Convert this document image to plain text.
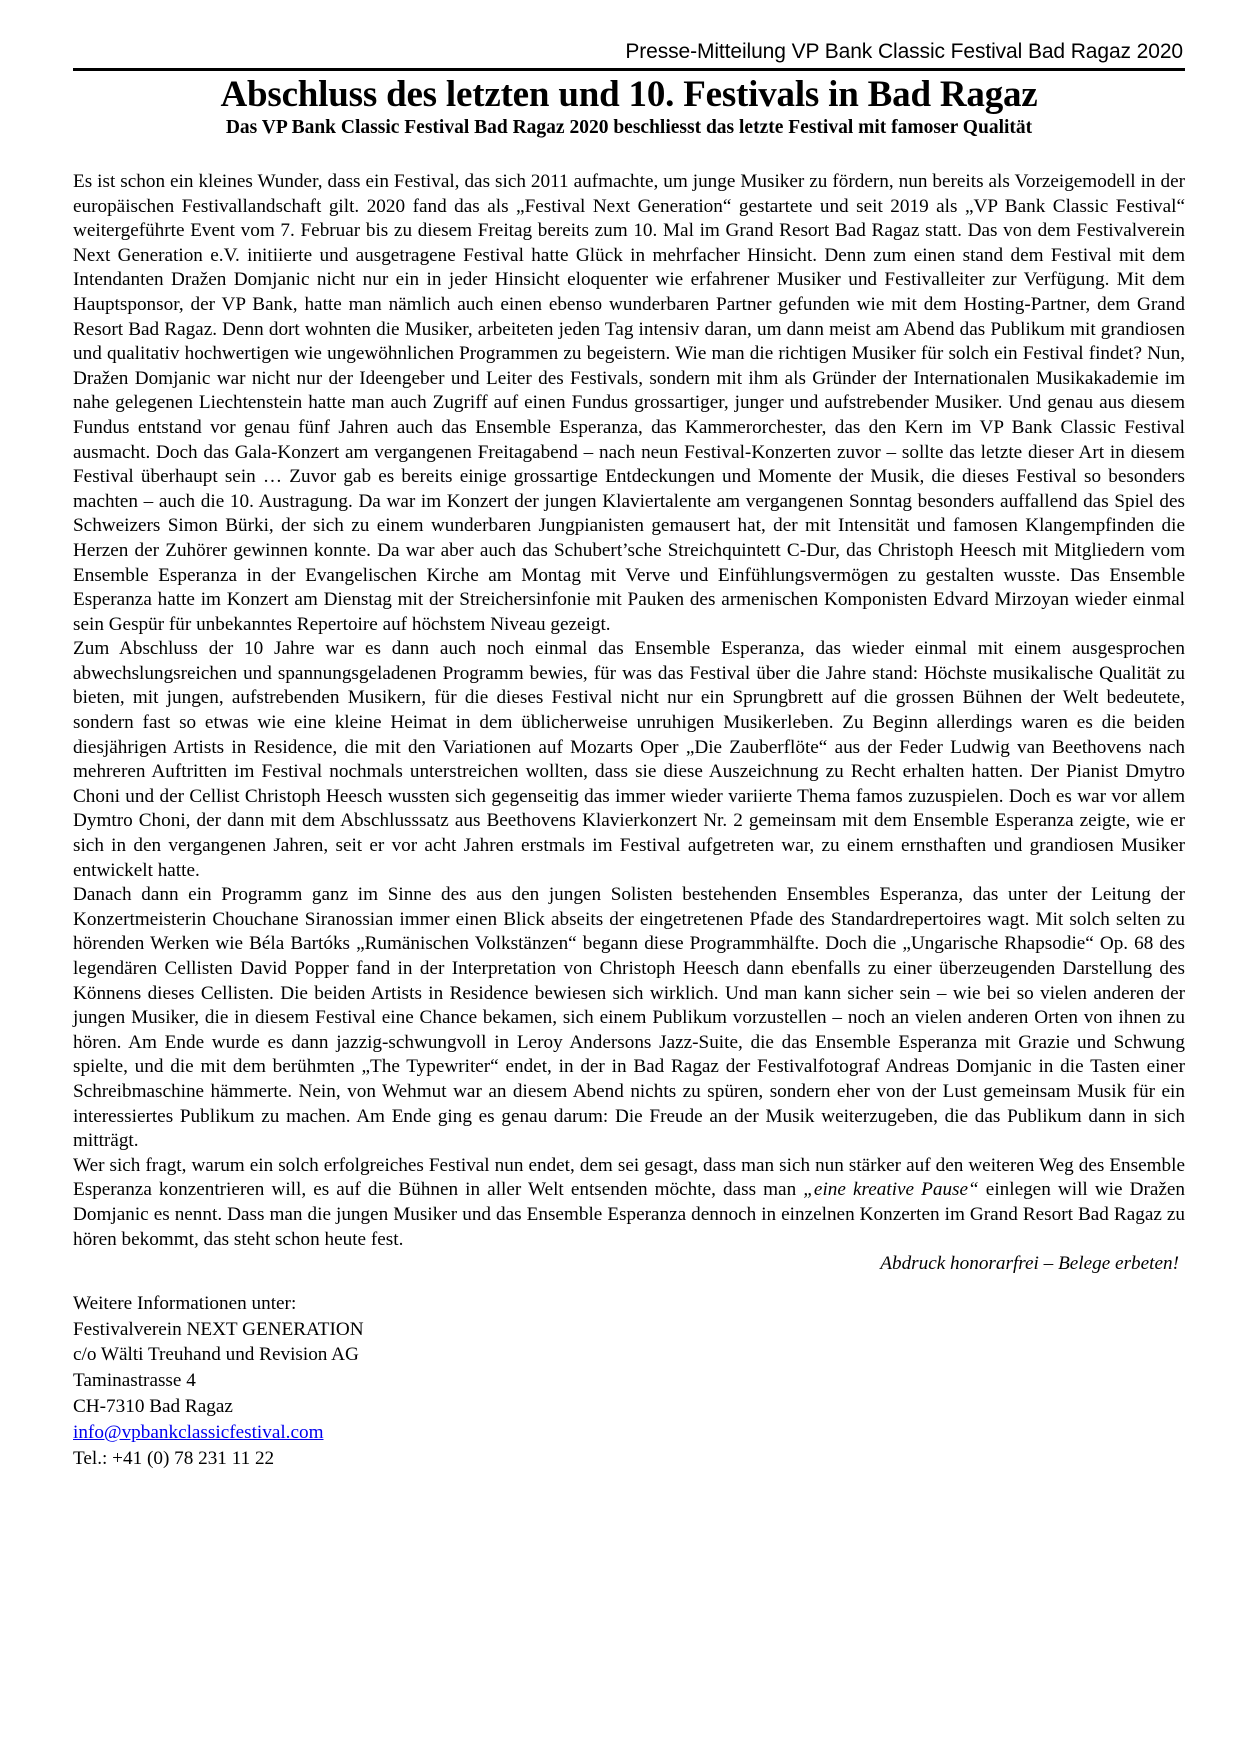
Presse-Mitteilung VP Bank Classic Festival Bad Ragaz 2020
Abschluss des letzten und 10. Festivals in Bad Ragaz
Das VP Bank Classic Festival Bad Ragaz 2020 beschliesst das letzte Festival mit famoser Qualität

Es ist schon ein kleines Wunder, dass ein Festival, das sich 2011 aufmachte, um junge Musiker zu fördern, nun bereits als Vorzeigemodell in der europäischen Festivallandschaft gilt. 2020 fand das als „Festival Next Generation“ gestartete und seit 2019 als „VP Bank Classic Festival“ weitergeführte Event vom 7. Februar bis zu diesem Freitag bereits zum 10. Mal im Grand Resort Bad Ragaz statt. Das von dem Festivalverein Next Generation e.V. initiierte und ausgetragene Festival hatte Glück in mehrfacher Hinsicht. Denn zum einen stand dem Festival mit dem Intendanten Dražen Domjanic nicht nur ein in jeder Hinsicht eloquenter wie erfahrener Musiker und Festivalleiter zur Verfügung. Mit dem Hauptsponsor, der VP Bank, hatte man nämlich auch einen ebenso wunderbaren Partner gefunden wie mit dem Hosting-Partner, dem Grand Resort Bad Ragaz. Denn dort wohnten die Musiker, arbeiteten jeden Tag intensiv daran, um dann meist am Abend das Publikum mit grandiosen und qualitativ hochwertigen wie ungewöhnlichen Programmen zu begeistern. Wie man die richtigen Musiker für solch ein Festival findet? Nun, Dražen Domjanic war nicht nur der Ideengeber und Leiter des Festivals, sondern mit ihm als Gründer der Internationalen Musikakademie im nahe gelegenen Liechtenstein hatte man auch Zugriff auf einen Fundus grossartiger, junger und aufstrebender Musiker. Und genau aus diesem Fundus entstand vor genau fünf Jahren auch das Ensemble Esperanza, das Kammerorchester, das den Kern im VP Bank Classic Festival ausmacht. Doch das Gala-Konzert am vergangenen Freitagabend – nach neun Festival-Konzerten zuvor – sollte das letzte dieser Art in diesem Festival überhaupt sein … Zuvor gab es bereits einige grossartige Entdeckungen und Momente der Musik, die dieses Festival so besonders machten – auch die 10. Austragung. Da war im Konzert der jungen Klaviertalente am vergangenen Sonntag besonders auffallend das Spiel des Schweizers Simon Bürki, der sich zu einem wunderbaren Jungpianisten gemausert hat, der mit Intensität und famosen Klangempfinden die Herzen der Zuhörer gewinnen konnte. Da war aber auch das Schubert’sche Streichquintett C-Dur, das Christoph Heesch mit Mitgliedern vom Ensemble Esperanza in der Evangelischen Kirche am Montag mit Verve und Einfühlungsvermögen zu gestalten wusste. Das Ensemble Esperanza hatte im Konzert am Dienstag mit der Streichersinfonie mit Pauken des armenischen Komponisten Edvard Mirzoyan wieder einmal sein Gespür für unbekanntes Repertoire auf höchstem Niveau gezeigt.

Zum Abschluss der 10 Jahre war es dann auch noch einmal das Ensemble Esperanza, das wieder einmal mit einem ausgesprochen abwechslungsreichen und spannungsgeladenen Programm bewies, für was das Festival über die Jahre stand: Höchste musikalische Qualität zu bieten, mit jungen, aufstrebenden Musikern, für die dieses Festival nicht nur ein Sprungbrett auf die grossen Bühnen der Welt bedeutete, sondern fast so etwas wie eine kleine Heimat in dem üblicherweise unruhigen Musikerleben. Zu Beginn allerdings waren es die beiden diesjährigen Artists in Residence, die mit den Variationen auf Mozarts Oper „Die Zauberflöte“ aus der Feder Ludwig van Beethovens nach mehreren Auftritten im Festival nochmals unterstreichen wollten, dass sie diese Auszeichnung zu Recht erhalten hatten. Der Pianist Dmytro Choni und der Cellist Christoph Heesch wussten sich gegenseitig das immer wieder variierte Thema famos zuzuspielen. Doch es war vor allem Dymtro Choni, der dann mit dem Abschlusssatz aus Beethovens Klavierkonzert Nr. 2 gemeinsam mit dem Ensemble Esperanza zeigte, wie er sich in den vergangenen Jahren, seit er vor acht Jahren erstmals im Festival aufgetreten war, zu einem ernsthaften und grandiosen Musiker entwickelt hatte.

Danach dann ein Programm ganz im Sinne des aus den jungen Solisten bestehenden Ensembles Esperanza, das unter der Leitung der Konzertmeisterin Chouchane Siranossian immer einen Blick abseits der eingetretenen Pfade des Standardrepertoires wagt. Mit solch selten zu hörenden Werken wie Béla Bartóks „Rumänischen Volkstänzen“ begann diese Programmhälfte. Doch die „Ungarische Rhapsodie“ Op. 68 des legendären Cellisten David Popper fand in der Interpretation von Christoph Heesch dann ebenfalls zu einer überzeugenden Darstellung des Könnens dieses Cellisten. Die beiden Artists in Residence bewiesen sich wirklich. Und man kann sicher sein – wie bei so vielen anderen der jungen Musiker, die in diesem Festival eine Chance bekamen, sich einem Publikum vorzustellen – noch an vielen anderen Orten von ihnen zu hören. Am Ende wurde es dann jazzig-schwungvoll in Leroy Andersons Jazz-Suite, die das Ensemble Esperanza mit Grazie und Schwung spielte, und die mit dem berühmten „The Typewriter“ endet, in der in Bad Ragaz der Festivalfotograf Andreas Domjanic in die Tasten einer Schreibmaschine hämmerte. Nein, von Wehmut war an diesem Abend nichts zu spüren, sondern eher von der Lust gemeinsam Musik für ein interessiertes Publikum zu machen. Am Ende ging es genau darum: Die Freude an der Musik weiterzugeben, die das Publikum dann in sich mitträgt.

Wer sich fragt, warum ein solch erfolgreiches Festival nun endet, dem sei gesagt, dass man sich nun stärker auf den weiteren Weg des Ensemble Esperanza konzentrieren will, es auf die Bühnen in aller Welt entsenden möchte, dass man „eine kreative Pause“ einlegen will wie Dražen Domjanic es nennt. Dass man die jungen Musiker und das Ensemble Esperanza dennoch in einzelnen Konzerten im Grand Resort Bad Ragaz zu hören bekommt, das steht schon heute fest.

Abdruck honorarfrei – Belege erbeten!
Weitere Informationen unter:
Festivalverein NEXT GENERATION
c/o Wälti Treuhand und Revision AG
Taminastrasse 4
CH-7310 Bad Ragaz
info@vpbankclassicfestival.com
Tel.: +41 (0) 78 231 11 22
